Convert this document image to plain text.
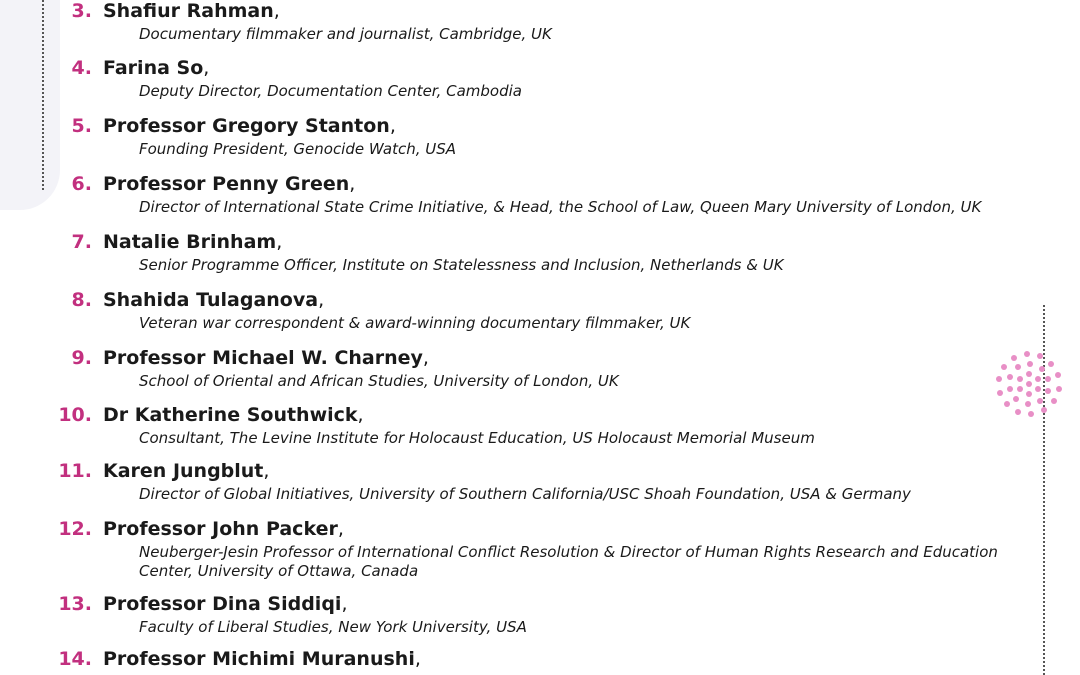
3. Shafiur Rahman,
Documentary filmmaker and journalist, Cambridge, UK
4. Farina So,
Deputy Director, Documentation Center, Cambodia
5. Professor Gregory Stanton,
Founding President, Genocide Watch, USA
6. Professor Penny Green,
Director of International State Crime Initiative, & Head, the School of Law, Queen Mary University of London, UK
7. Natalie Brinham,
Senior Programme Officer, Institute on Statelessness and Inclusion, Netherlands & UK
8. Shahida Tulaganova,
Veteran war correspondent & award-winning documentary filmmaker, UK
9. Professor Michael W. Charney,
School of Oriental and African Studies, University of London, UK
10. Dr Katherine Southwick,
Consultant, The Levine Institute for Holocaust Education, US Holocaust Memorial Museum
11. Karen Jungblut,
Director of Global Initiatives, University of Southern California/USC Shoah Foundation, USA & Germany
12. Professor John Packer,
Neuberger-Jesin Professor of International Conflict Resolution & Director of Human Rights Research and Education Center, University of Ottawa, Canada
13. Professor Dina Siddiqi,
Faculty of Liberal Studies, New York University, USA
14. Professor Michimi Muranushi,
